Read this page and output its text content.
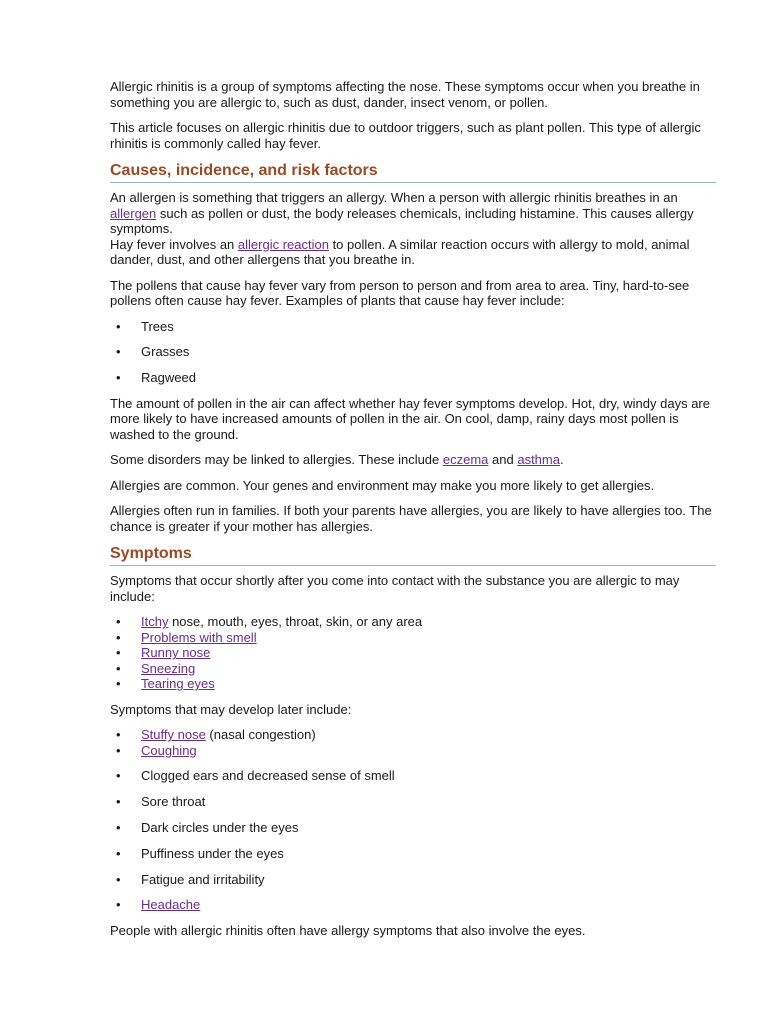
Allergic rhinitis is a group of symptoms affecting the nose. These symptoms occur when you breathe in something you are allergic to, such as dust, dander, insect venom, or pollen.

This article focuses on allergic rhinitis due to outdoor triggers, such as plant pollen. This type of allergic rhinitis is commonly called hay fever.

Causes, incidence, and risk factors

An allergen is something that triggers an allergy. When a person with allergic rhinitis breathes in an allergen such as pollen or dust, the body releases chemicals, including histamine. This causes allergy symptoms.
Hay fever involves an allergic reaction to pollen. A similar reaction occurs with allergy to mold, animal dander, dust, and other allergens that you breathe in.

The pollens that cause hay fever vary from person to person and from area to area. Tiny, hard-to-see pollens often cause hay fever. Examples of plants that cause hay fever include:

• Trees
• Grasses
• Ragweed

The amount of pollen in the air can affect whether hay fever symptoms develop. Hot, dry, windy days are more likely to have increased amounts of pollen in the air. On cool, damp, rainy days most pollen is washed to the ground.

Some disorders may be linked to allergies. These include eczema and asthma.

Allergies are common. Your genes and environment may make you more likely to get allergies.

Allergies often run in families. If both your parents have allergies, you are likely to have allergies too. The chance is greater if your mother has allergies.

Symptoms

Symptoms that occur shortly after you come into contact with the substance you are allergic to may include:

• Itchy nose, mouth, eyes, throat, skin, or any area
• Problems with smell
• Runny nose
• Sneezing
• Tearing eyes

Symptoms that may develop later include:

• Stuffy nose (nasal congestion)
• Coughing
• Clogged ears and decreased sense of smell
• Sore throat
• Dark circles under the eyes
• Puffiness under the eyes
• Fatigue and irritability
• Headache

People with allergic rhinitis often have allergy symptoms that also involve the eyes.
